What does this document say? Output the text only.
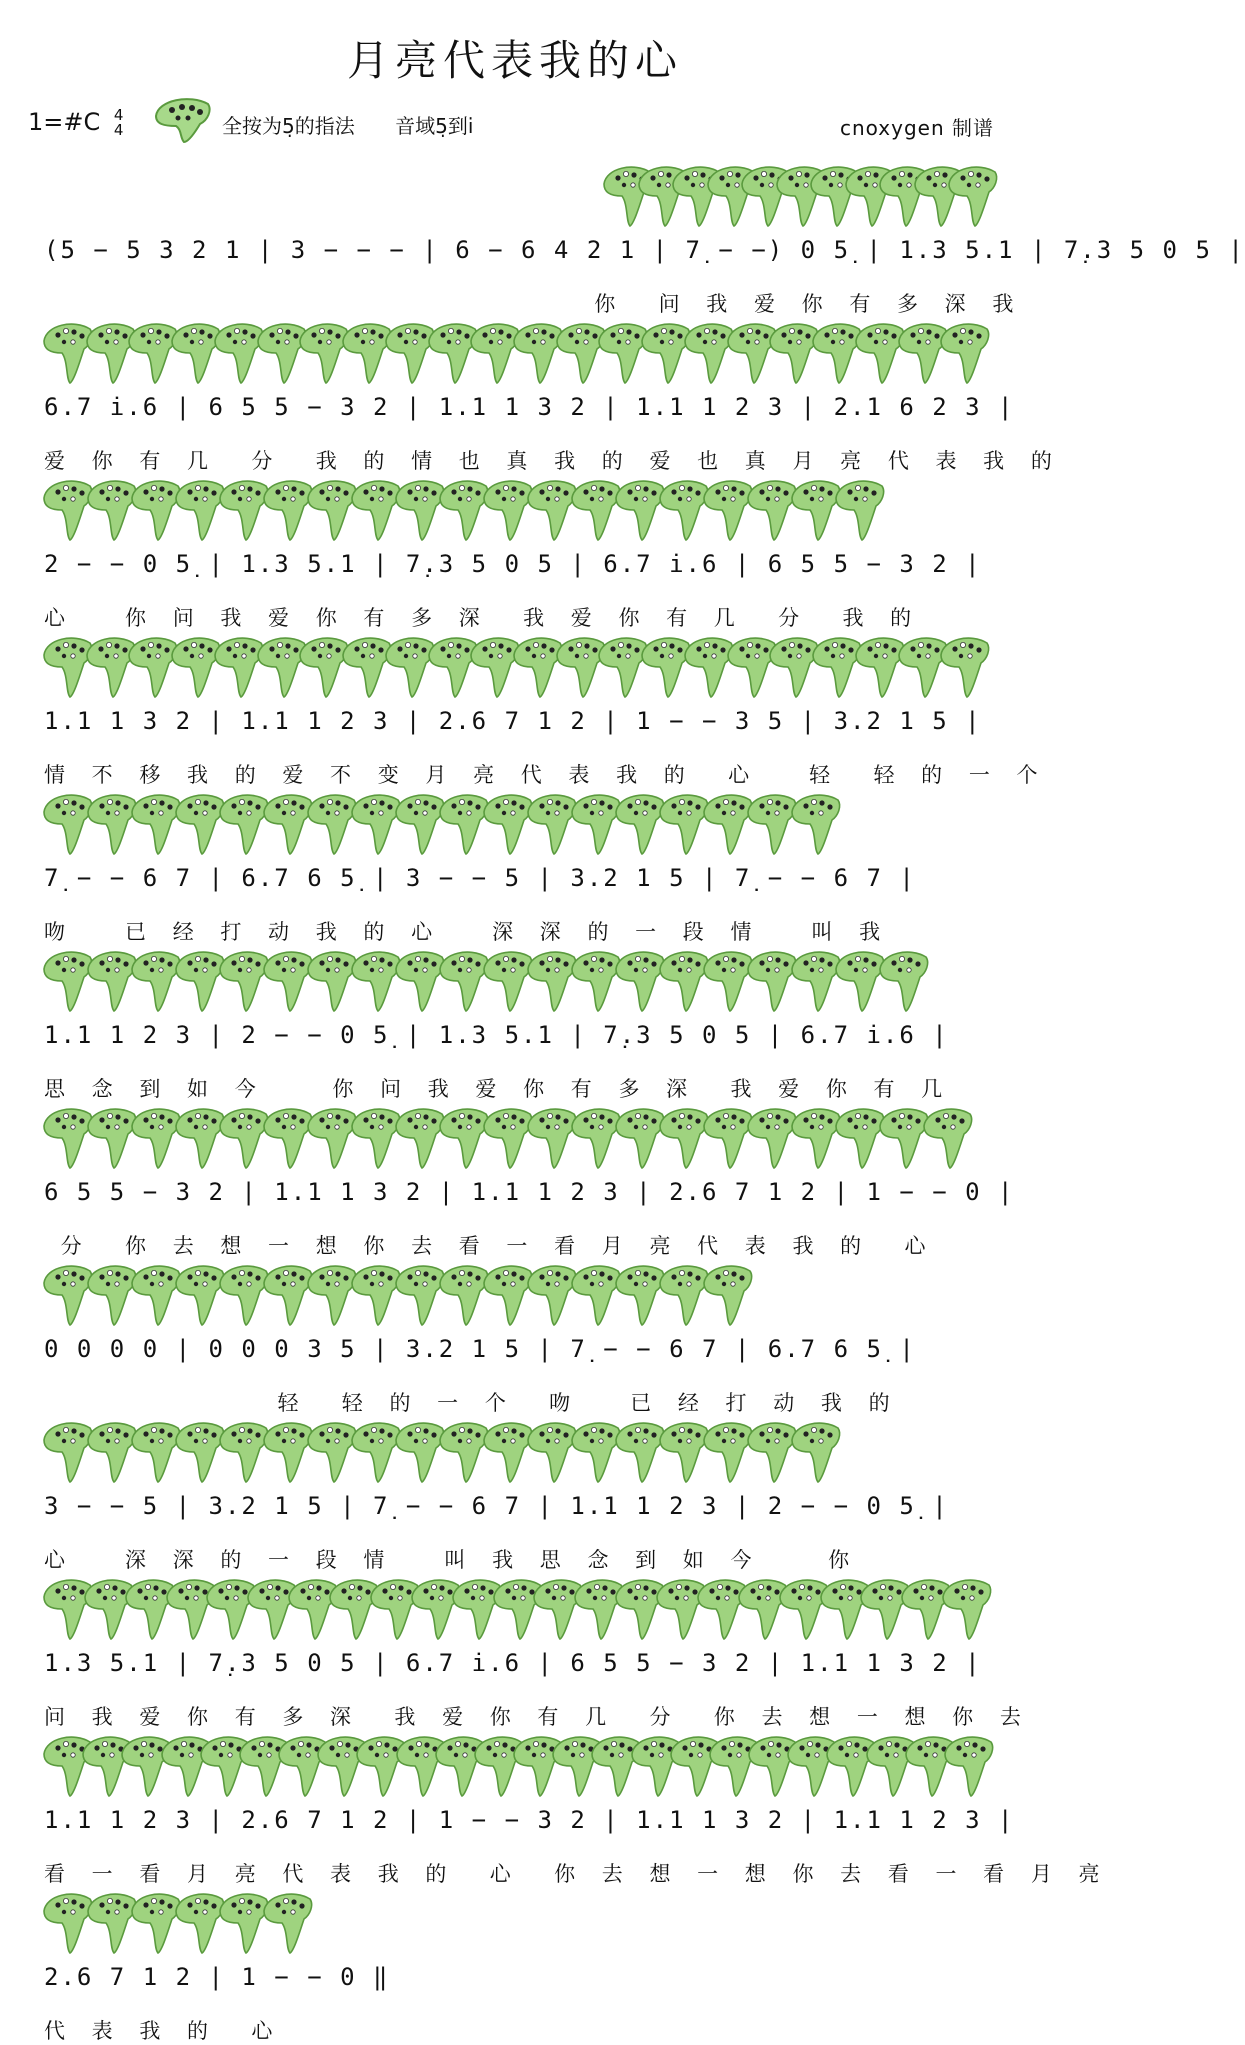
月亮代表我的心
1=#C 4
4	全按为5̣的指法 音域5̣到i̇	cnoxygen 制谱
(5 − 5 3 2 1 | 3 − − − | 6 − 6 4 2 1 | 7̣ − −) 0 5̣ | 1.3 5.1 | 7̣.3 5 0 5 |
你  问 我 爱 你 有 多 深 我
6.7 i̇.6 | 6 5 5 − 3 2 | 1.1 1 3 2 | 1.1 1 2 3 | 2.1 6 2 3 |
爱 你 有 几  分  我 的 情 也 真 我 的 爱 也 真 月 亮 代 表 我 的
2 − − 0 5̣ | 1.3 5.1 | 7̣.3 5 0 5 | 6.7 i̇.6 | 6 5 5 − 3 2 |
心   你 问 我 爱 你 有 多 深  我 爱 你 有 几  分  我 的
1.1 1 3 2 | 1.1 1 2 3 | 2.6 7 1 2 | 1 − − 3 5 | 3.2 1 5 |
情 不 移 我 的 爱 不 变 月 亮 代 表 我 的  心   轻  轻 的 一 个
7̣ − − 6 7 | 6.7 6 5̣ | 3 − − 5 | 3.2 1 5 | 7̣ − − 6 7 |
吻   已 经 打 动 我 的 心   深 深 的 一 段 情   叫 我
1.1 1 2 3 | 2 − − 0 5̣ | 1.3 5.1 | 7̣.3 5 0 5 | 6.7 i̇.6 |
思 念 到 如 今    你 问 我 爱 你 有 多 深  我 爱 你 有 几
6 5 5 − 3 2 | 1.1 1 3 2 | 1.1 1 2 3 | 2.6 7 1 2 | 1 − − 0 |
分  你 去 想 一 想 你 去 看 一 看 月 亮 代 表 我 的  心
0 0 0 0 | 0 0 0 3 5 | 3.2 1 5 | 7̣ − − 6 7 | 6.7 6 5̣ |
轻  轻 的 一 个  吻   已 经 打 动 我 的
3 − − 5 | 3.2 1 5 | 7̣ − − 6 7 | 1.1 1 2 3 | 2 − − 0 5̣ |
心   深 深 的 一 段 情   叫 我 思 念 到 如 今    你
1.3 5.1 | 7̣.3 5 0 5 | 6.7 i̇.6 | 6 5 5 − 3 2 | 1.1 1 3 2 |
问 我 爱 你 有 多 深  我 爱 你 有 几  分  你 去 想 一 想 你 去
1.1 1 2 3 | 2.6 7 1 2 | 1 − − 3 2 | 1.1 1 3 2 | 1.1 1 2 3 |
看 一 看 月 亮 代 表 我 的  心  你 去 想 一 想 你 去 看 一 看 月 亮
2.6 7 1 2 | 1 − − 0 ‖
代 表 我 的  心
